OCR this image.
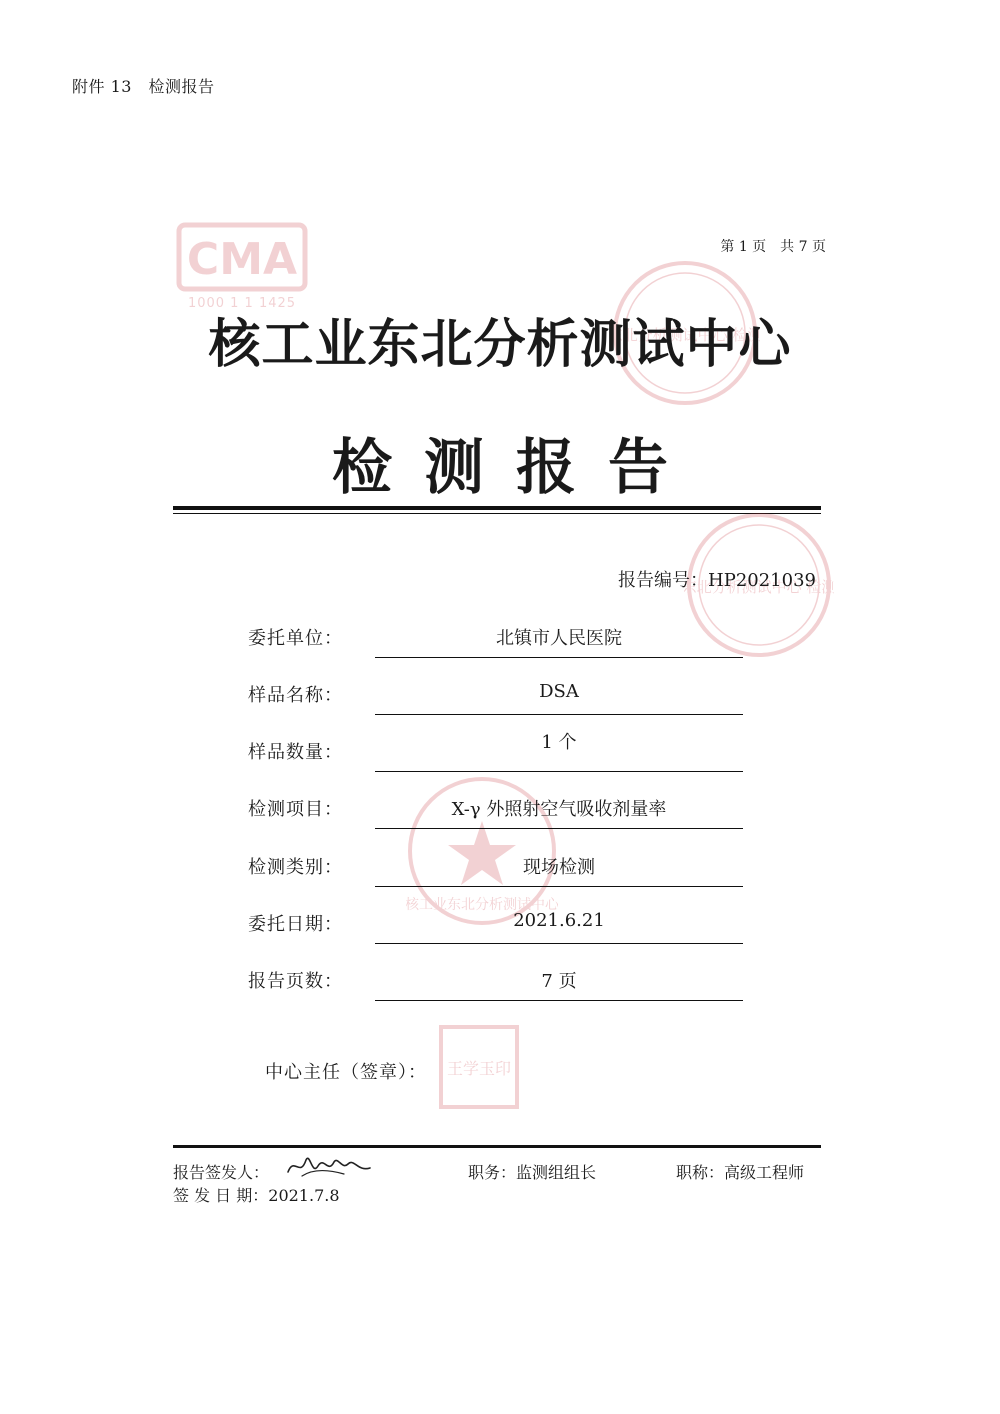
附件 13　检测报告
第 1 页　共 7 页
CMA
1000 1 1 1425
东北分析测试中心 检测
核工业东北分析测试中心
检测报告
东北分析测试中心 检测
报告编号：HP2021039
核工业东北分析测试中心
委托单位：	北镇市人民医院
样品名称：	DSA
样品数量：	1 个
检测项目：	X-γ 外照射空气吸收剂量率
检测类别：	现场检测
委托日期：	2021.6.21
报告页数：	7 页
中心主任（签章）： 王学玉印
报告签发人：	职务：监测组组长	职称：高级工程师
签 发 日 期：2021.7.8
